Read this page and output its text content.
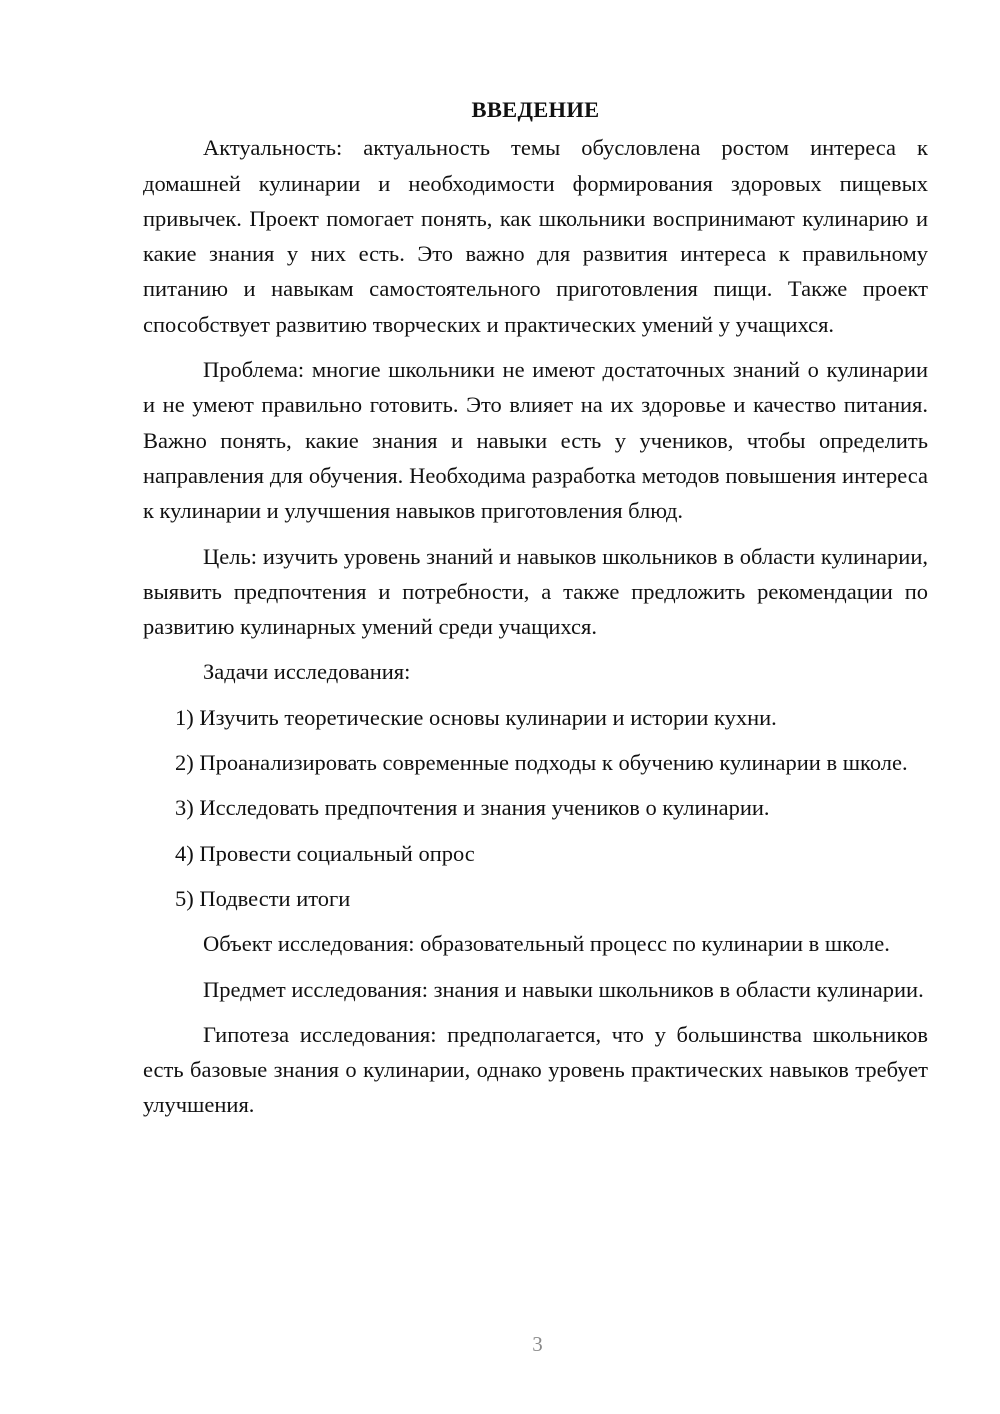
ВВЕДЕНИЕ

Актуальность: актуальность темы обусловлена ростом интереса к домашней кулинарии и необходимости формирования здоровых пищевых привычек. Проект помогает понять, как школьники воспринимают кулинарию и какие знания у них есть. Это важно для развития интереса к правильному питанию и навыкам самостоятельного приготовления пищи. Также проект способствует развитию творческих и практических умений у учащихся.

Проблема: многие школьники не имеют достаточных знаний о кулинарии и не умеют правильно готовить. Это влияет на их здоровье и качество питания. Важно понять, какие знания и навыки есть у учеников, чтобы определить направления для обучения. Необходима разработка методов повышения интереса к кулинарии и улучшения навыков приготовления блюд.

Цель: изучить уровень знаний и навыков школьников в области кулинарии, выявить предпочтения и потребности, а также предложить рекомендации по развитию кулинарных умений среди учащихся.

Задачи исследования:

1) Изучить теоретические основы кулинарии и истории кухни.

2) Проанализировать современные подходы к обучению кулинарии в школе.

3) Исследовать предпочтения и знания учеников о кулинарии.

4) Провести социальный опрос

5) Подвести итоги

Объект исследования: образовательный процесс по кулинарии в школе.

Предмет исследования: знания и навыки школьников в области кулинарии.

Гипотеза исследования: предполагается, что у большинства школьников есть базовые знания о кулинарии, однако уровень практических навыков требует улучшения.

3
